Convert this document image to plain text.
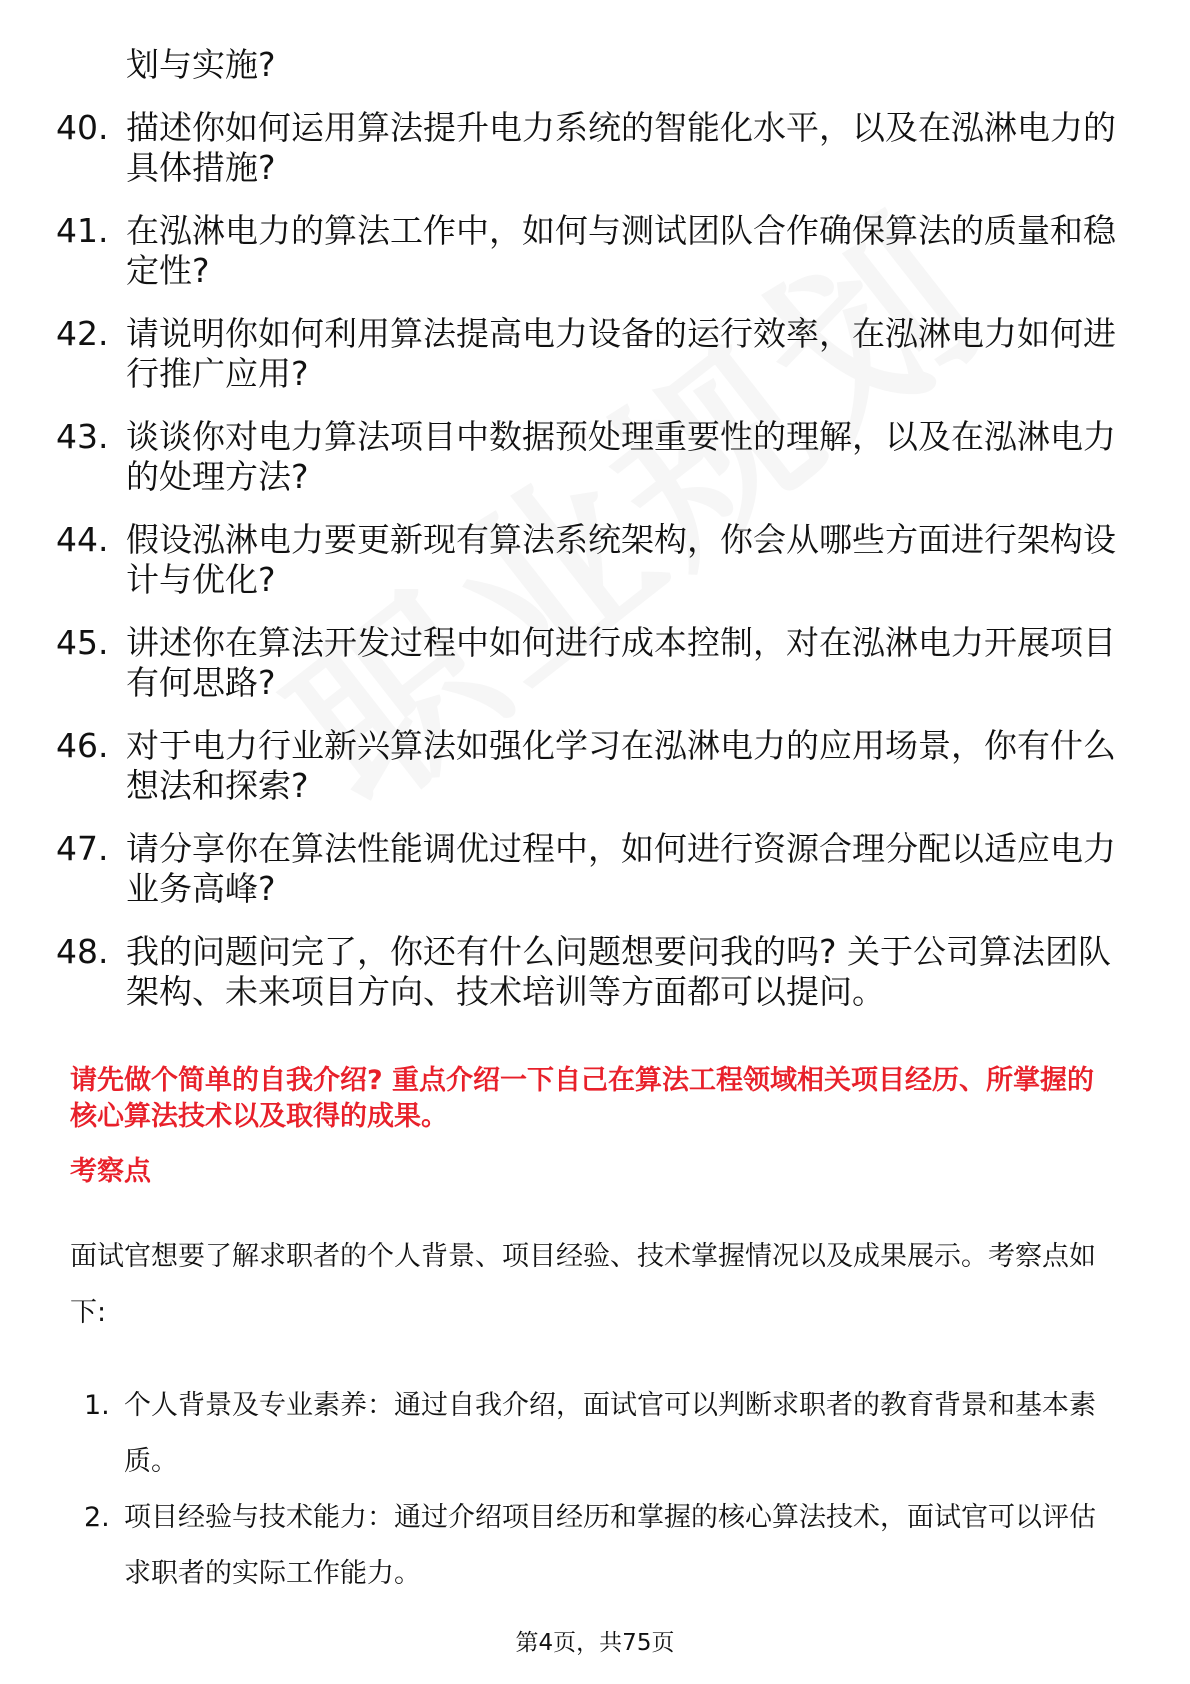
划与实施?
40. 描述你如何运用算法提升电力系统的智能化水平，以及在泓淋电力的具体措施?
41. 在泓淋电力的算法工作中，如何与测试团队合作确保算法的质量和稳定性?
42. 请说明你如何利用算法提高电力设备的运行效率，在泓淋电力如何进行推广应用?
43. 谈谈你对电力算法项目中数据预处理重要性的理解，以及在泓淋电力的处理方法?
44. 假设泓淋电力要更新现有算法系统架构，你会从哪些方面进行架构设计与优化?
45. 讲述你在算法开发过程中如何进行成本控制，对在泓淋电力开展项目有何思路?
46. 对于电力行业新兴算法如强化学习在泓淋电力的应用场景，你有什么想法和探索?
47. 请分享你在算法性能调优过程中，如何进行资源合理分配以适应电力业务高峰?
48. 我的问题问完了，你还有什么问题想要问我的吗? 关于公司算法团队架构、未来项目方向、技术培训等方面都可以提问。
请先做个简单的自我介绍? 重点介绍一下自己在算法工程领域相关项目经历、所掌握的核心算法技术以及取得的成果。
考察点
面试官想要了解求职者的个人背景、项目经验、技术掌握情况以及成果展示。考察点如下:
1. 个人背景及专业素养：通过自我介绍，面试官可以判断求职者的教育背景和基本素质。
2. 项目经验与技术能力：通过介绍项目经历和掌握的核心算法技术，面试官可以评估求职者的实际工作能力。
第4页，共75页
